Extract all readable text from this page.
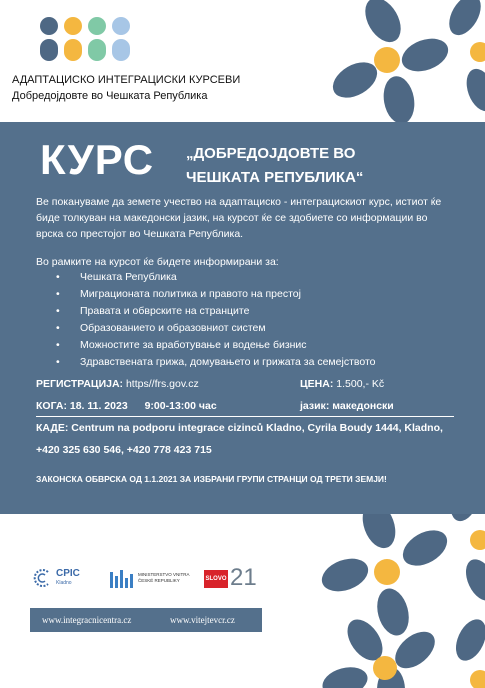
АДАПТАЦИСКО ИНТЕГРАЦИСКИ КУРСЕВИ
Добредојдовте во Чешката Република
КУРС „ДОБРЕДОЈДОВТЕ ВО
ЧЕШКАТА РЕПУБЛИКА“
Ве покануваме да земете учество на адаптациско - интеграцискиот курс, истиот ќе биде толкуван на македонски јазик, на курсот ќе се здобиете со информации во врска со престојот во Чешката Република.
Во рамките на курсот ќе бидете информирани за:
• Чешката Република
• Миграционата политика и правото на престој
• Правата и обврските на странците
• Образованието и образовниот систем
• Можностите за вработување и водење бизнис
• Здравствената грижа, домувањето и грижата за семејството
РЕГИСТРАЦИЈА: https//frs.gov.cz	ЦЕНА: 1.500,- Kč
КОГА: 18. 11. 2023 9:00-13:00 час	јазик: македонски
КАДЕ: Centrum na podporu integrace cizinců Kladno, Cyrila Boudy 1444, Kladno,
+420 325 630 546, +420 778 423 715
ЗАКОНСКА ОБВРСКА ОД 1.1.2021 ЗА ИЗБРАНИ ГРУПИ СТРАНЦИ ОД ТРЕТИ ЗЕМЈИ!
CPIC
Kladno
MINISTERSTVO VNITRA
ČESKÉ REPUBLIKY	SLOVO 21
www.integracnicentra.cz	www.vitejtevcr.cz
